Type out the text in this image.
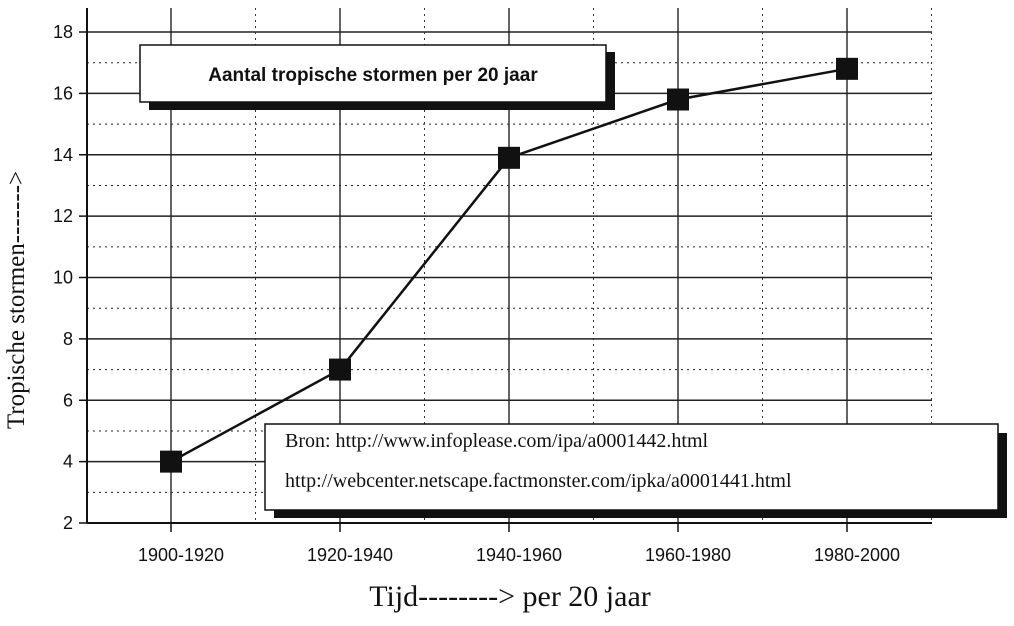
2
4
6
8
10
12
14
16
18
1900-1920	1920-1940	1940-1960	1960-1980	1980-2000
Tropische stormen------->
Tijd--------> per 20 jaar
Aantal tropische stormen per 20 jaar
Bron: http://www.infoplease.com/ipa/a0001442.html
http://webcenter.netscape.factmonster.com/ipka/a0001441.html
